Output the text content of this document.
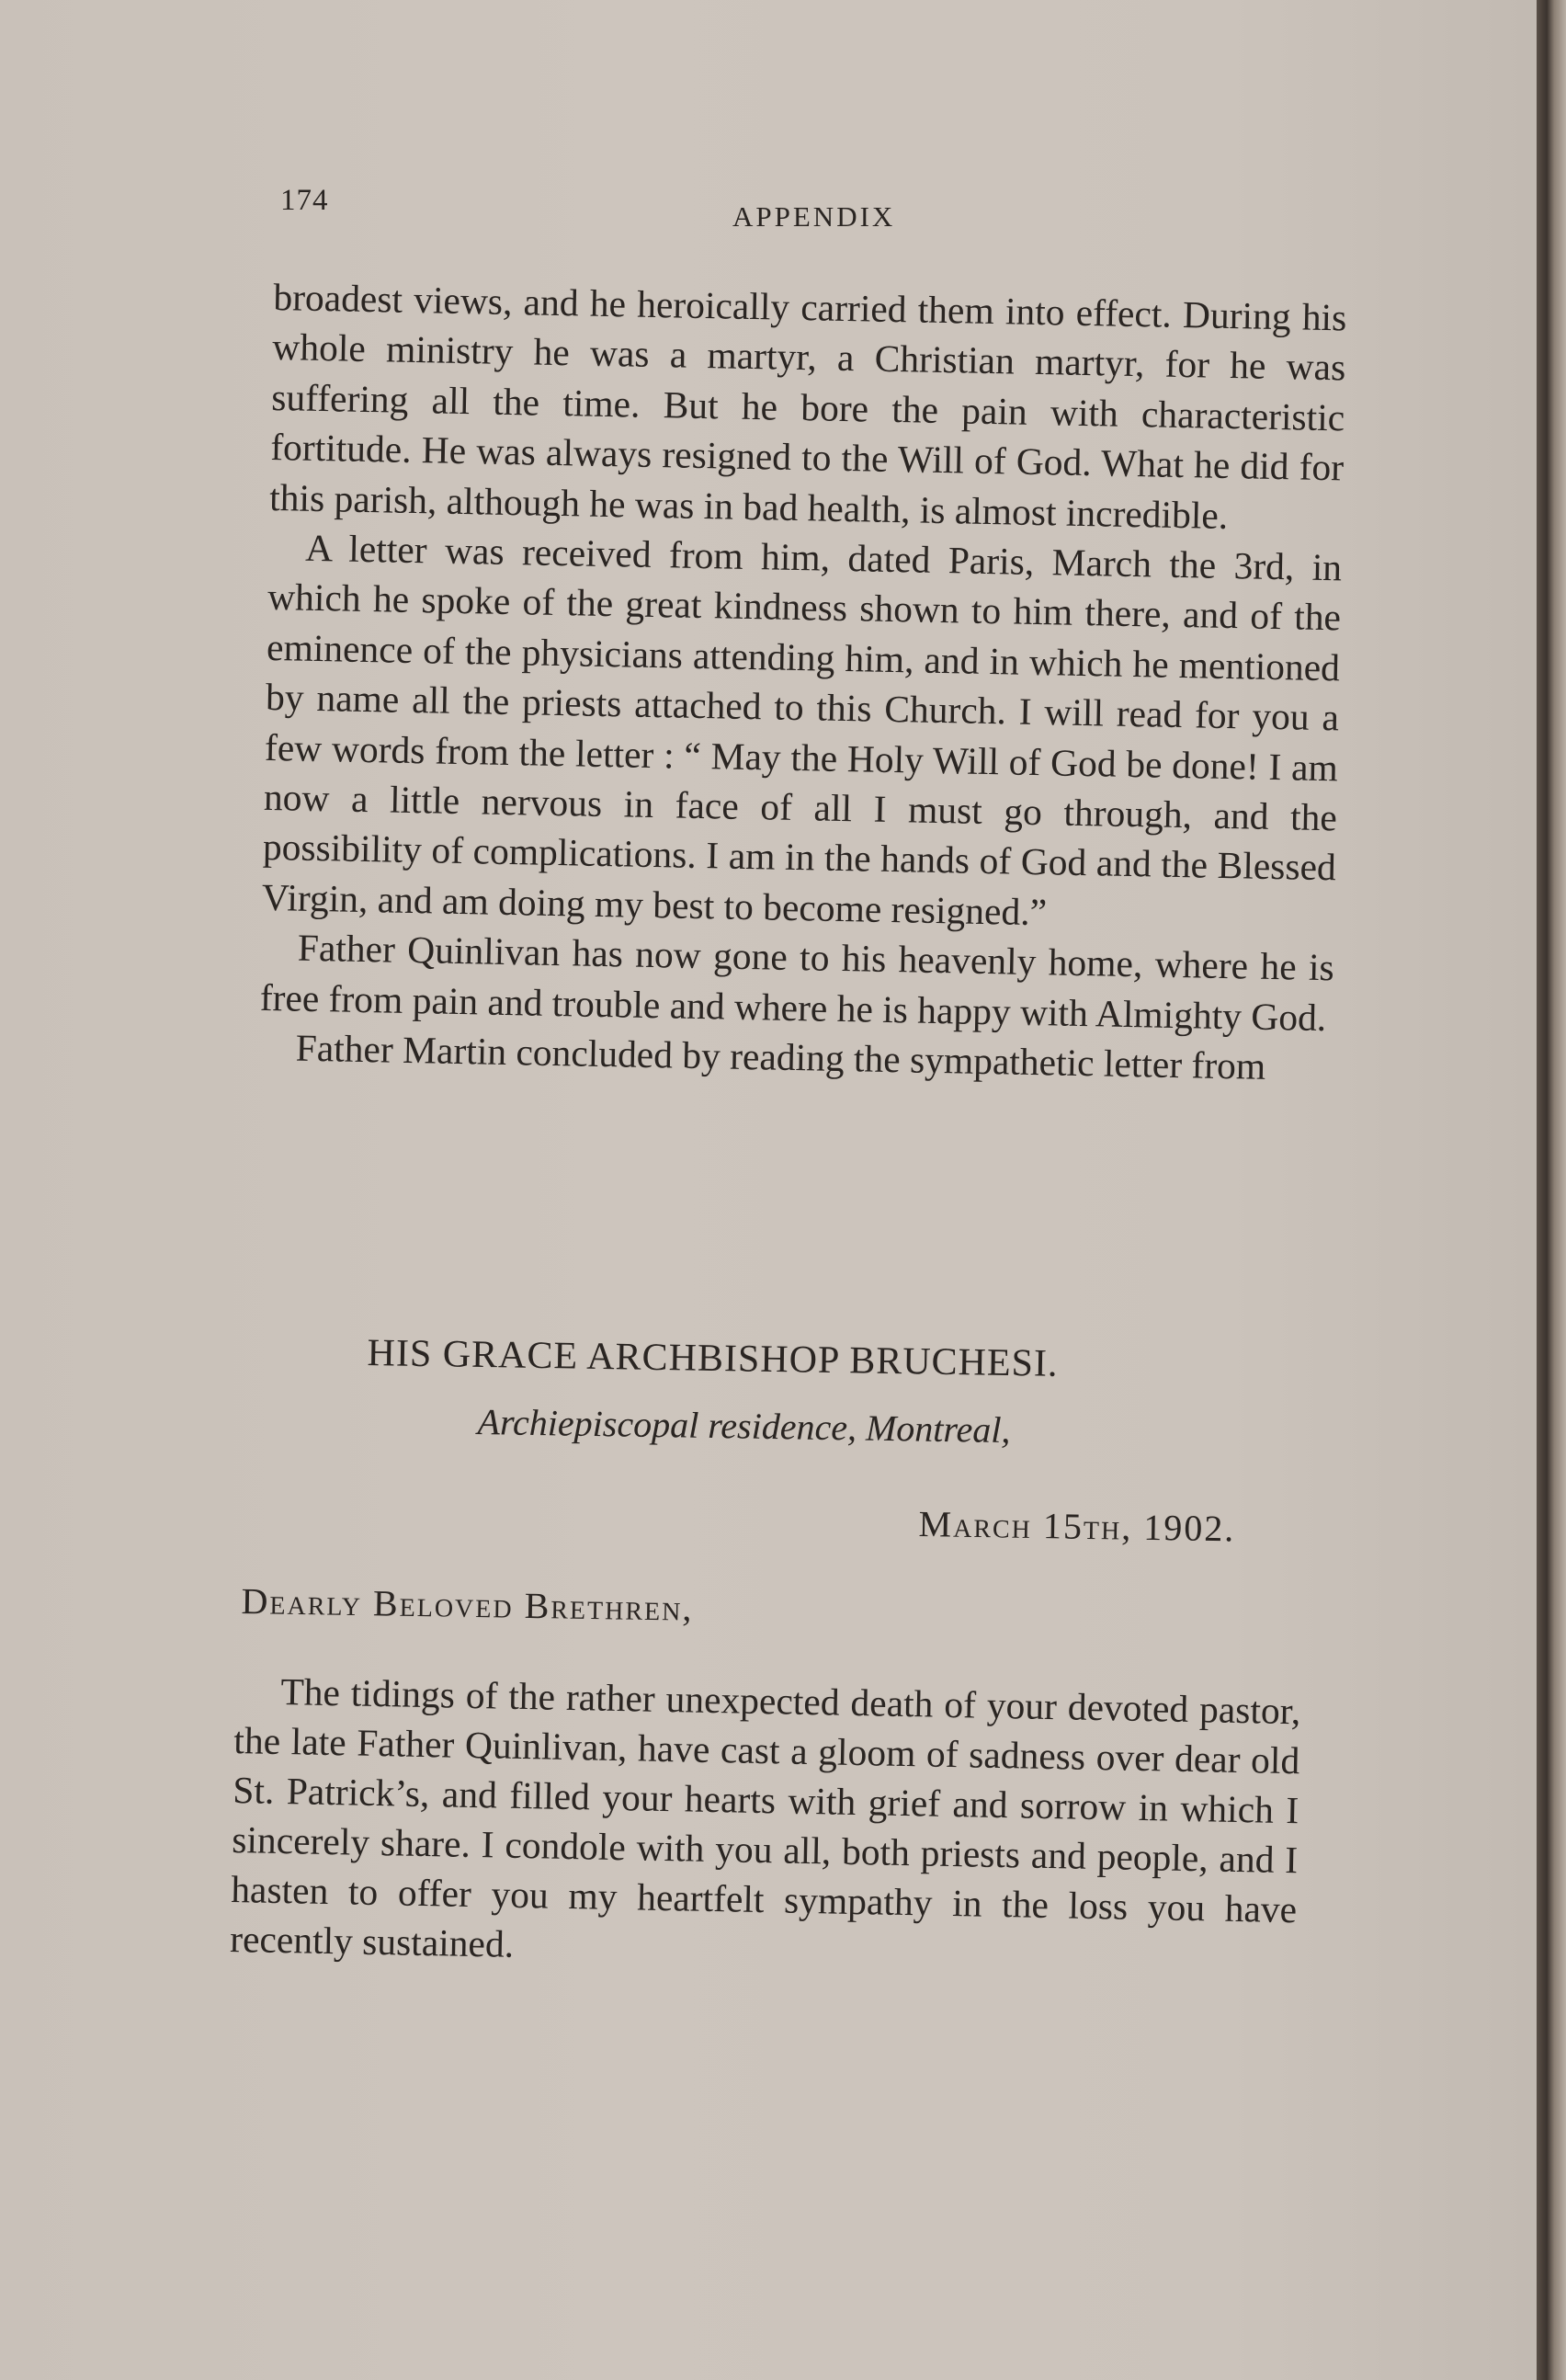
174	APPENDIX

broadest views, and he heroically carried them into effect. During his whole ministry he was a martyr, a Christian martyr, for he was suffering all the time. But he bore the pain with characteristic fortitude. He was always resigned to the Will of God. What he did for this parish, although he was in bad health, is almost incredible.

A letter was received from him, dated Paris, March the 3rd, in which he spoke of the great kindness shown to him there, and of the eminence of the physicians attending him, and in which he mentioned by name all the priests attached to this Church. I will read for you a few words from the letter : “ May the Holy Will of God be done! I am now a little nervous in face of all I must go through, and the possibility of complications. I am in the hands of God and the Blessed Virgin, and am doing my best to become resigned.”

Father Quinlivan has now gone to his heavenly home, where he is free from pain and trouble and where he is happy with Almighty God.

Father Martin concluded by reading the sympathetic letter from

HIS GRACE ARCHBISHOP BRUCHESI.
Archiepiscopal residence, Montreal,
March 15th, 1902.
Dearly Beloved Brethren,

The tidings of the rather unexpected death of your devoted pastor, the late Father Quinlivan, have cast a gloom of sadness over dear old St. Patrick’s, and filled your hearts with grief and sorrow in which I sincerely share. I condole with you all, both priests and people, and I hasten to offer you my heartfelt sympathy in the loss you have recently sustained.
